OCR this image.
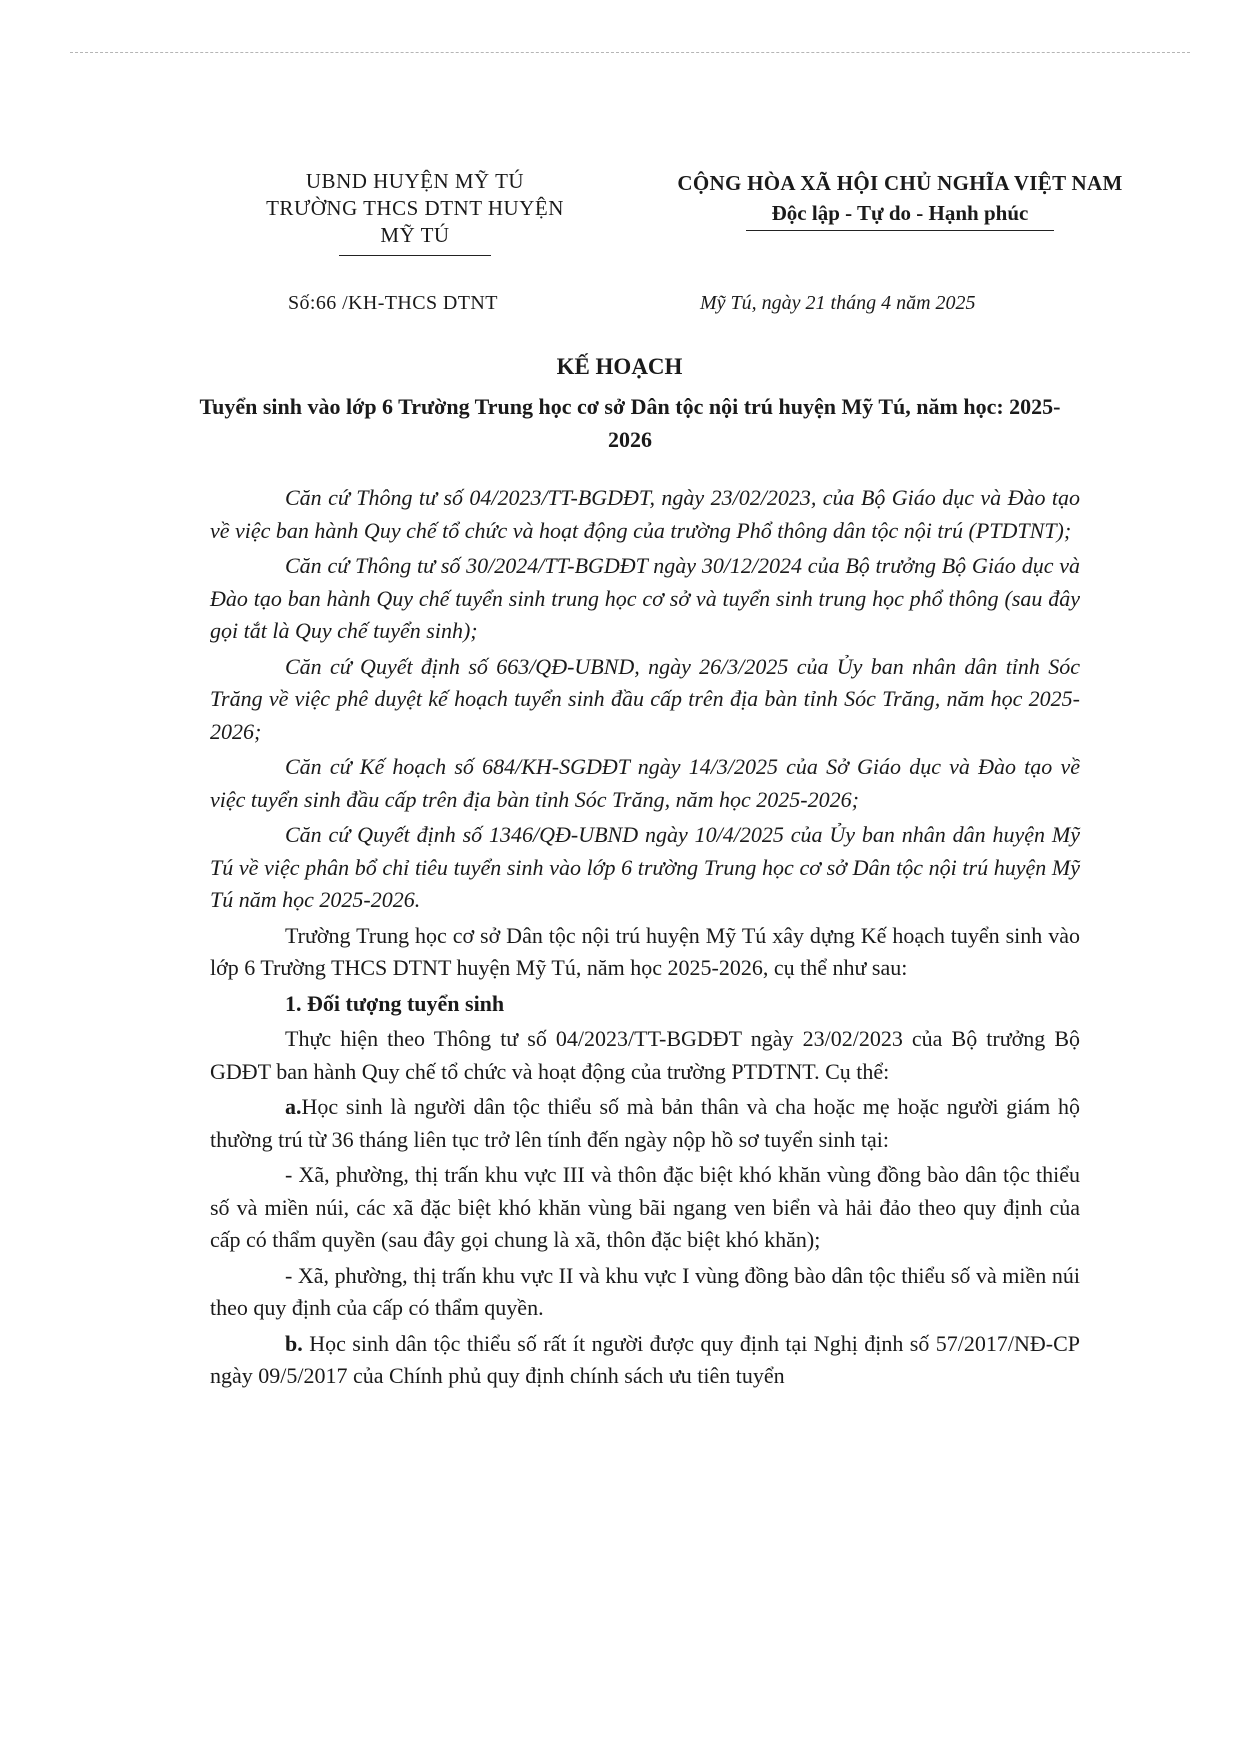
UBND HUYỆN MỸ TÚ
TRƯỜNG THCS DTNT HUYỆN
MỸ TÚ
CỘNG HÒA XÃ HỘI CHỦ NGHĨA VIỆT NAM
Độc lập - Tự do - Hạnh phúc
Số:66 /KH-THCS DTNT	Mỹ Tú, ngày 21 tháng 4 năm 2025
KẾ HOẠCH
Tuyển sinh vào lớp 6 Trường Trung học cơ sở Dân tộc nội trú huyện Mỹ Tú, năm học: 2025-2026

Căn cứ Thông tư số 04/2023/TT-BGDĐT, ngày 23/02/2023, của Bộ Giáo dục và Đào tạo về việc ban hành Quy chế tổ chức và hoạt động của trường Phổ thông dân tộc nội trú (PTDTNT);

Căn cứ Thông tư số 30/2024/TT-BGDĐT ngày 30/12/2024 của Bộ trưởng Bộ Giáo dục và Đào tạo ban hành Quy chế tuyển sinh trung học cơ sở và tuyển sinh trung học phổ thông (sau đây gọi tắt là Quy chế tuyển sinh);

Căn cứ Quyết định số 663/QĐ-UBND, ngày 26/3/2025 của Ủy ban nhân dân tỉnh Sóc Trăng về việc phê duyệt kế hoạch tuyển sinh đầu cấp trên địa bàn tỉnh Sóc Trăng, năm học 2025-2026;

Căn cứ Kế hoạch số 684/KH-SGDĐT ngày 14/3/2025 của Sở Giáo dục và Đào tạo về việc tuyển sinh đầu cấp trên địa bàn tỉnh Sóc Trăng, năm học 2025-2026;

Căn cứ Quyết định số 1346/QĐ-UBND ngày 10/4/2025 của Ủy ban nhân dân huyện Mỹ Tú về việc phân bổ chỉ tiêu tuyển sinh vào lớp 6 trường Trung học cơ sở Dân tộc nội trú huyện Mỹ Tú năm học 2025-2026.

Trường Trung học cơ sở Dân tộc nội trú huyện Mỹ Tú xây dựng Kế hoạch tuyển sinh vào lớp 6 Trường THCS DTNT huyện Mỹ Tú, năm học 2025-2026, cụ thể như sau:

1. Đối tượng tuyển sinh

Thực hiện theo Thông tư số 04/2023/TT-BGDĐT ngày 23/02/2023 của Bộ trưởng Bộ GDĐT ban hành Quy chế tổ chức và hoạt động của trường PTDTNT. Cụ thể:

a.Học sinh là người dân tộc thiểu số mà bản thân và cha hoặc mẹ hoặc người giám hộ thường trú từ 36 tháng liên tục trở lên tính đến ngày nộp hồ sơ tuyển sinh tại:

- Xã, phường, thị trấn khu vực III và thôn đặc biệt khó khăn vùng đồng bào dân tộc thiểu số và miền núi, các xã đặc biệt khó khăn vùng bãi ngang ven biển và hải đảo theo quy định của cấp có thẩm quyền (sau đây gọi chung là xã, thôn đặc biệt khó khăn);

- Xã, phường, thị trấn khu vực II và khu vực I vùng đồng bào dân tộc thiểu số và miền núi theo quy định của cấp có thẩm quyền.

b. Học sinh dân tộc thiểu số rất ít người được quy định tại Nghị định số 57/2017/NĐ-CP ngày 09/5/2017 của Chính phủ quy định chính sách ưu tiên tuyển
